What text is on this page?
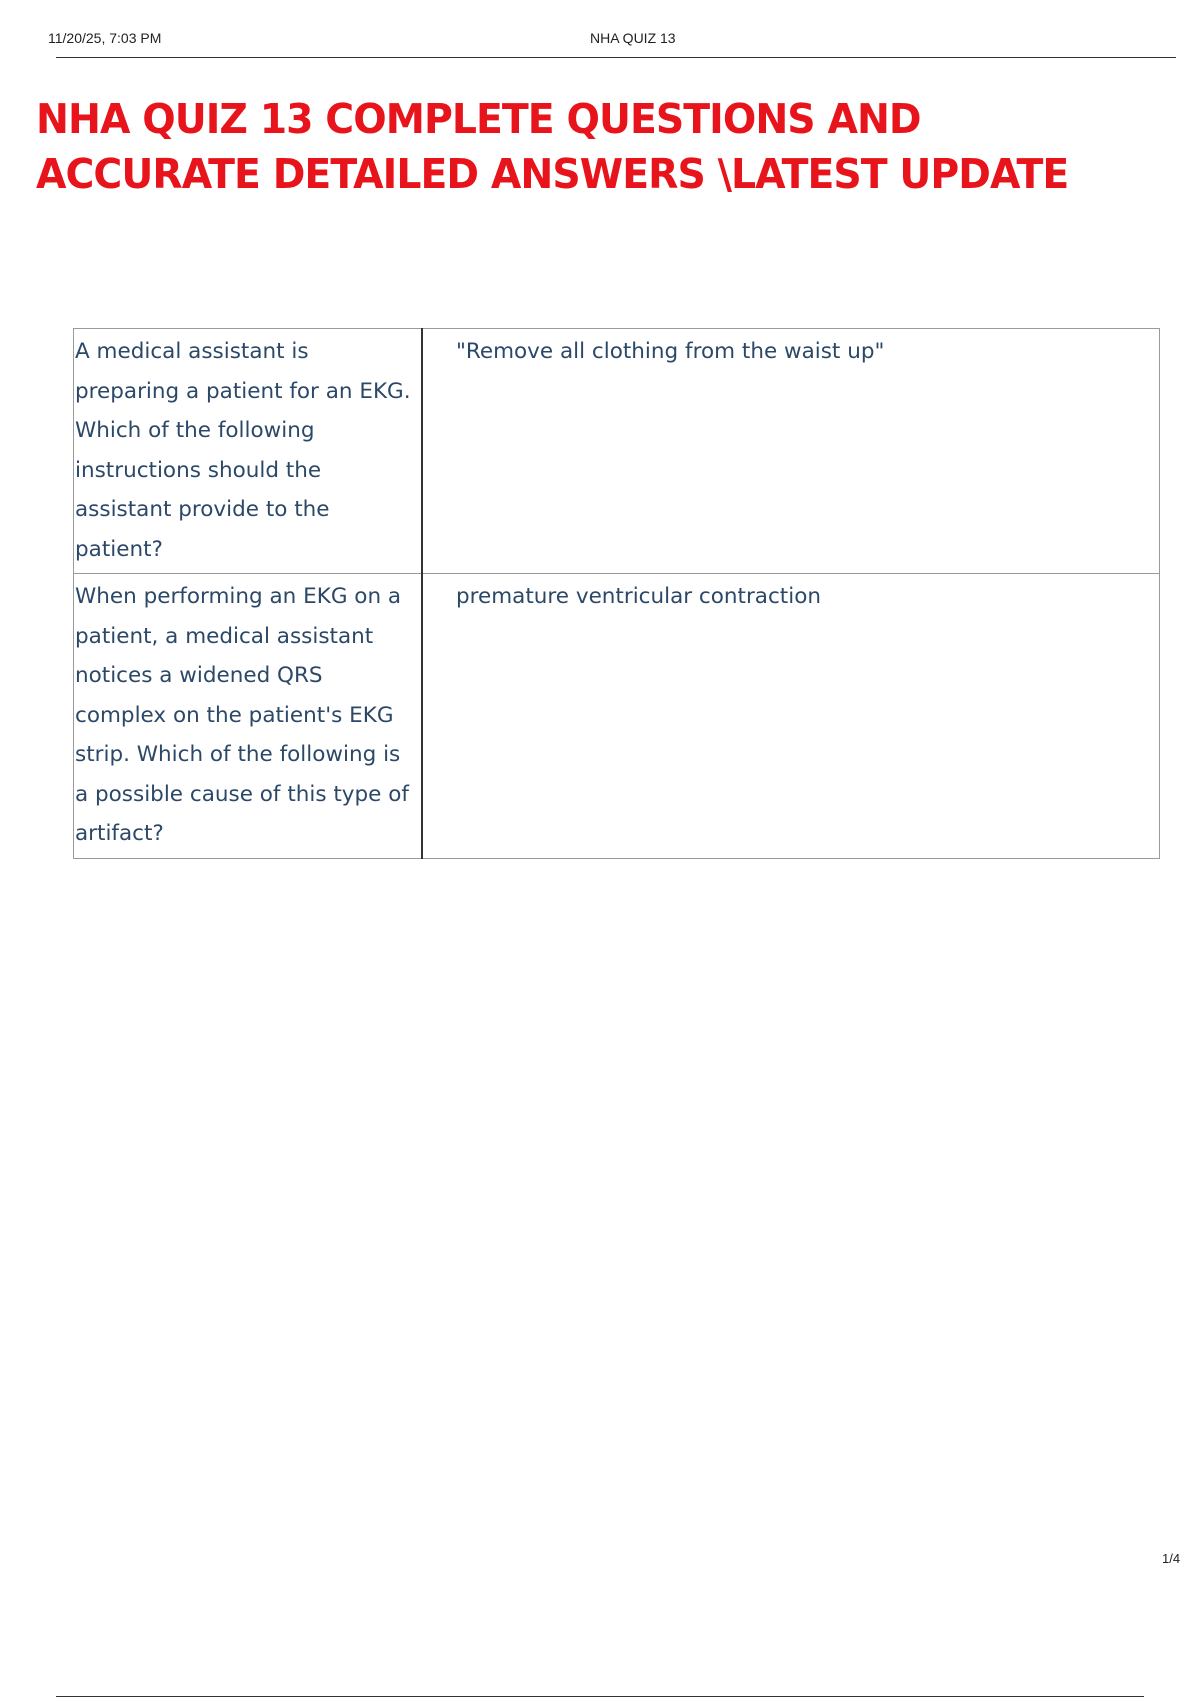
11/20/25, 7:03 PM	NHA QUIZ 13
NHA QUIZ 13 COMPLETE QUESTIONS AND ACCURATE DETAILED ANSWERS \LATEST UPDATE
A medical assistant is preparing a patient for an EKG. Which of the following instructions should the assistant provide to the patient?	"Remove all clothing from the waist up"
When performing an EKG on a patient, a medical assistant notices a widened QRS complex on the patient's EKG strip. Which of the following is a possible cause of this type of artifact?	premature ventricular contraction
1/4
